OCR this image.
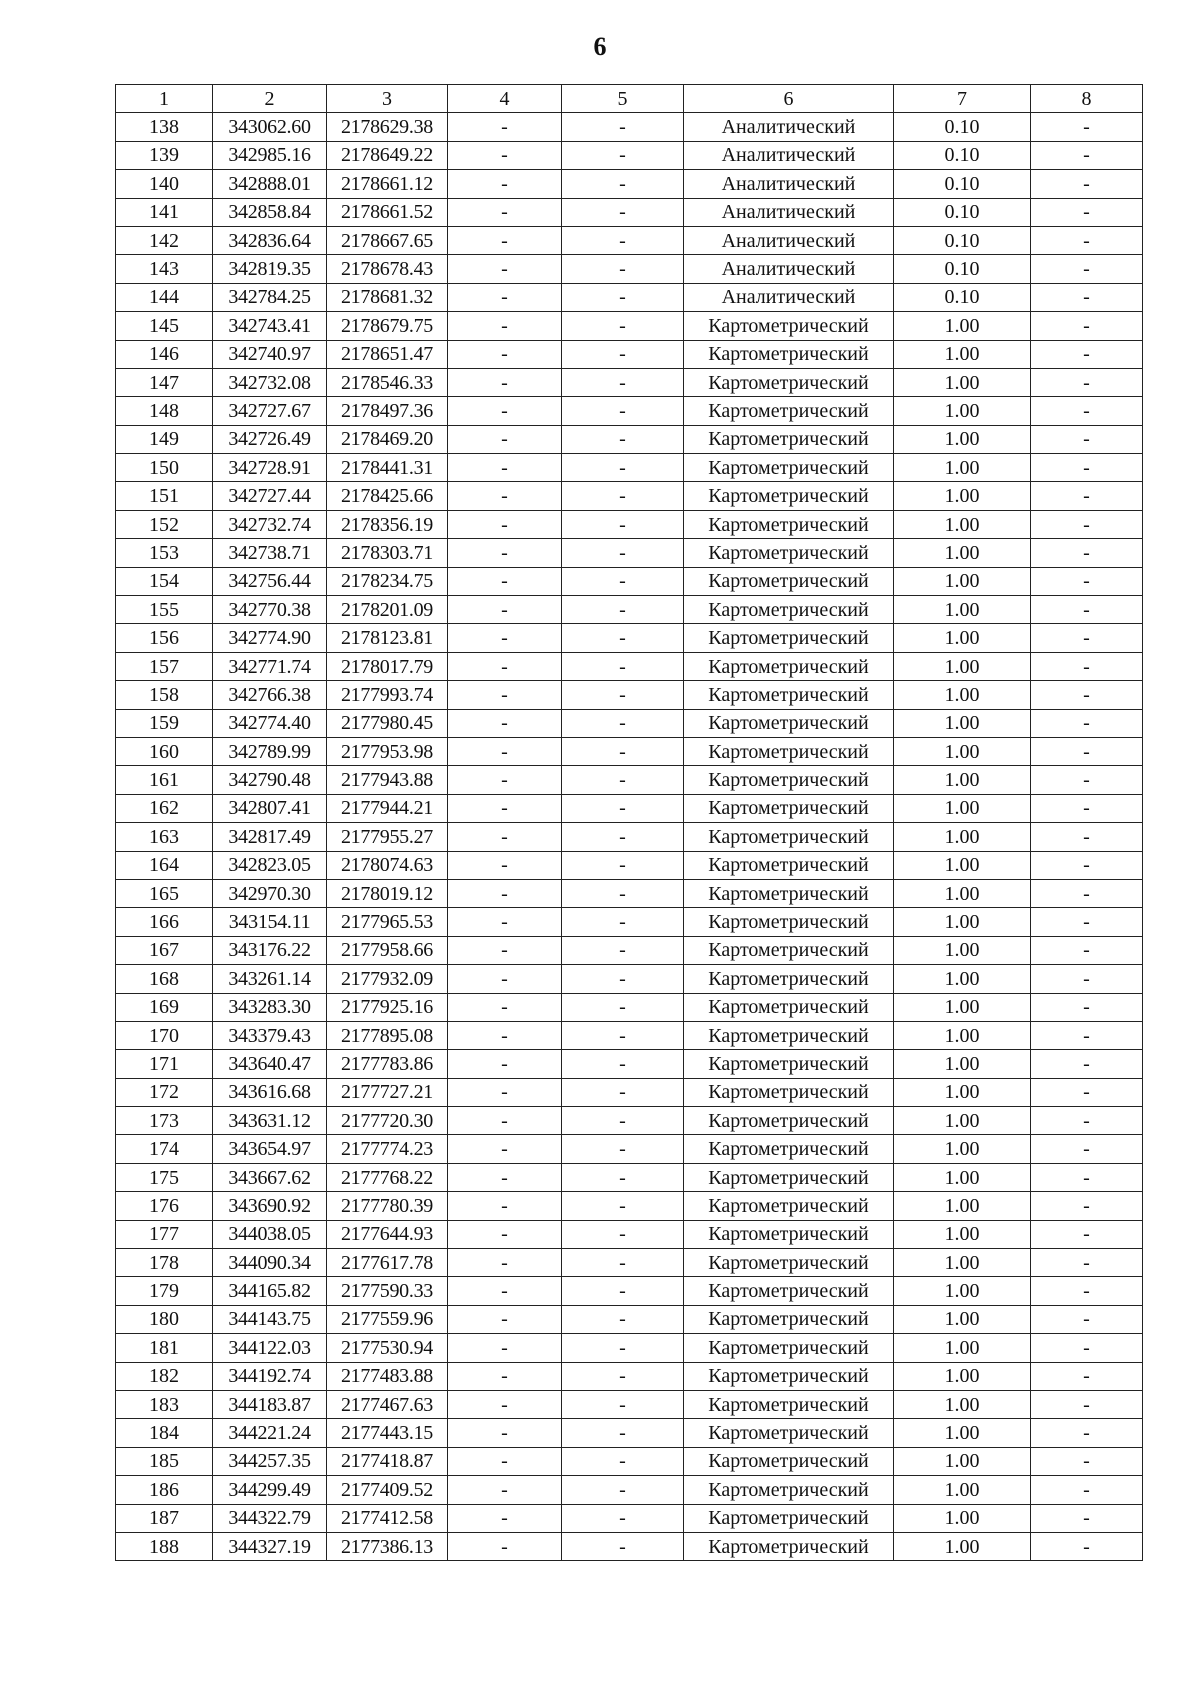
6
1	2	3	4	5	6	7	8
138	343062.60	2178629.38	-	-	Аналитический	0.10	-
139	342985.16	2178649.22	-	-	Аналитический	0.10	-
140	342888.01	2178661.12	-	-	Аналитический	0.10	-
141	342858.84	2178661.52	-	-	Аналитический	0.10	-
142	342836.64	2178667.65	-	-	Аналитический	0.10	-
143	342819.35	2178678.43	-	-	Аналитический	0.10	-
144	342784.25	2178681.32	-	-	Аналитический	0.10	-
145	342743.41	2178679.75	-	-	Картометрический	1.00	-
146	342740.97	2178651.47	-	-	Картометрический	1.00	-
147	342732.08	2178546.33	-	-	Картометрический	1.00	-
148	342727.67	2178497.36	-	-	Картометрический	1.00	-
149	342726.49	2178469.20	-	-	Картометрический	1.00	-
150	342728.91	2178441.31	-	-	Картометрический	1.00	-
151	342727.44	2178425.66	-	-	Картометрический	1.00	-
152	342732.74	2178356.19	-	-	Картометрический	1.00	-
153	342738.71	2178303.71	-	-	Картометрический	1.00	-
154	342756.44	2178234.75	-	-	Картометрический	1.00	-
155	342770.38	2178201.09	-	-	Картометрический	1.00	-
156	342774.90	2178123.81	-	-	Картометрический	1.00	-
157	342771.74	2178017.79	-	-	Картометрический	1.00	-
158	342766.38	2177993.74	-	-	Картометрический	1.00	-
159	342774.40	2177980.45	-	-	Картометрический	1.00	-
160	342789.99	2177953.98	-	-	Картометрический	1.00	-
161	342790.48	2177943.88	-	-	Картометрический	1.00	-
162	342807.41	2177944.21	-	-	Картометрический	1.00	-
163	342817.49	2177955.27	-	-	Картометрический	1.00	-
164	342823.05	2178074.63	-	-	Картометрический	1.00	-
165	342970.30	2178019.12	-	-	Картометрический	1.00	-
166	343154.11	2177965.53	-	-	Картометрический	1.00	-
167	343176.22	2177958.66	-	-	Картометрический	1.00	-
168	343261.14	2177932.09	-	-	Картометрический	1.00	-
169	343283.30	2177925.16	-	-	Картометрический	1.00	-
170	343379.43	2177895.08	-	-	Картометрический	1.00	-
171	343640.47	2177783.86	-	-	Картометрический	1.00	-
172	343616.68	2177727.21	-	-	Картометрический	1.00	-
173	343631.12	2177720.30	-	-	Картометрический	1.00	-
174	343654.97	2177774.23	-	-	Картометрический	1.00	-
175	343667.62	2177768.22	-	-	Картометрический	1.00	-
176	343690.92	2177780.39	-	-	Картометрический	1.00	-
177	344038.05	2177644.93	-	-	Картометрический	1.00	-
178	344090.34	2177617.78	-	-	Картометрический	1.00	-
179	344165.82	2177590.33	-	-	Картометрический	1.00	-
180	344143.75	2177559.96	-	-	Картометрический	1.00	-
181	344122.03	2177530.94	-	-	Картометрический	1.00	-
182	344192.74	2177483.88	-	-	Картометрический	1.00	-
183	344183.87	2177467.63	-	-	Картометрический	1.00	-
184	344221.24	2177443.15	-	-	Картометрический	1.00	-
185	344257.35	2177418.87	-	-	Картометрический	1.00	-
186	344299.49	2177409.52	-	-	Картометрический	1.00	-
187	344322.79	2177412.58	-	-	Картометрический	1.00	-
188	344327.19	2177386.13	-	-	Картометрический	1.00	-
